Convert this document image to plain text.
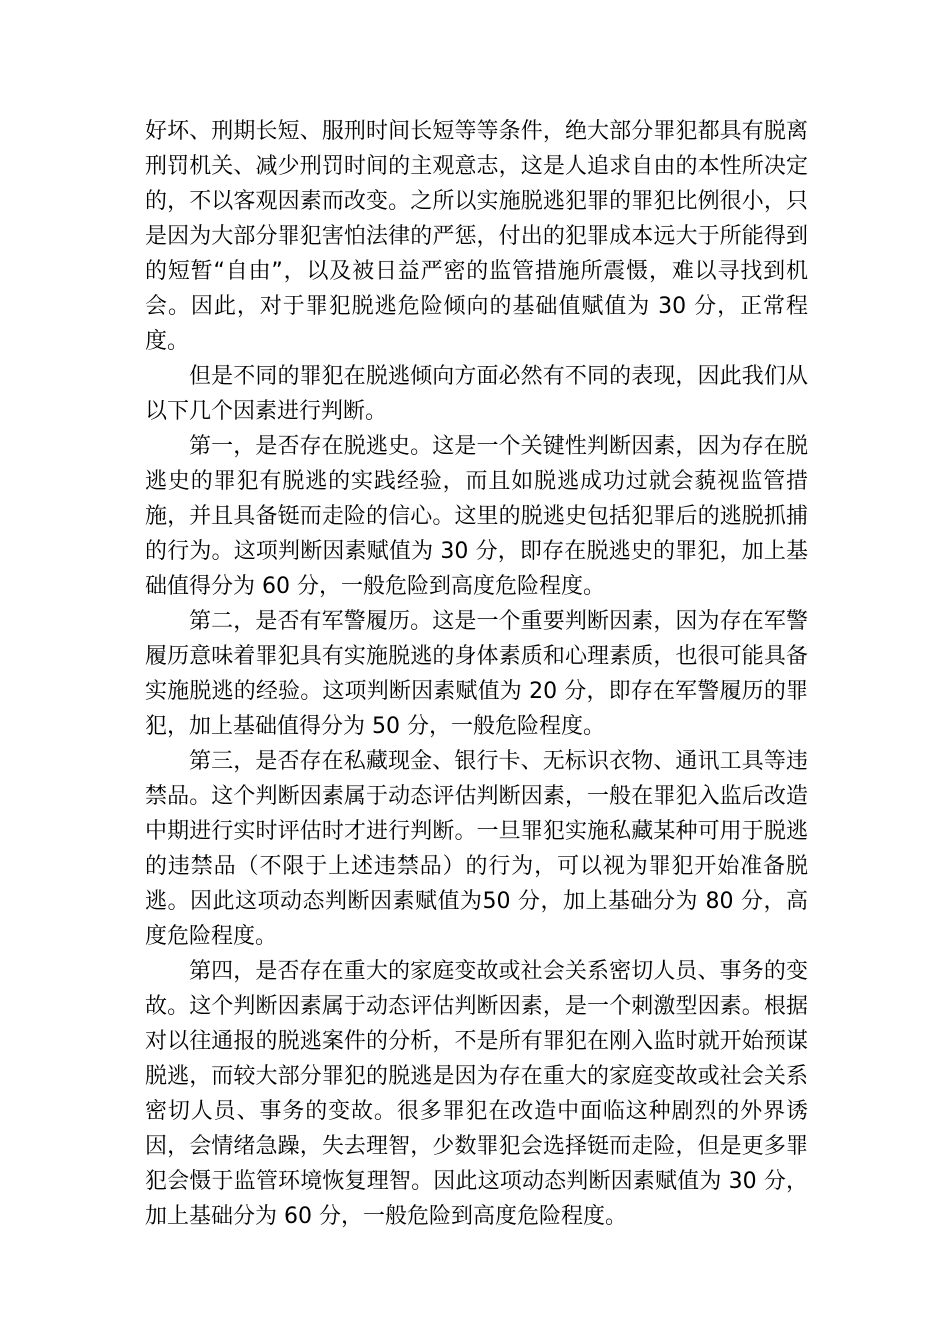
好坏、刑期长短、服刑时间长短等等条件，绝大部分罪犯都具有脱离刑罚机关、减少刑罚时间的主观意志，这是人追求自由的本性所决定的，不以客观因素而改变。之所以实施脱逃犯罪的罪犯比例很小，只是因为大部分罪犯害怕法律的严惩，付出的犯罪成本远大于所能得到的短暂“自由”，以及被日益严密的监管措施所震慑，难以寻找到机会。因此，对于罪犯脱逃危险倾向的基础值赋值为 30 分，正常程度。

但是不同的罪犯在脱逃倾向方面必然有不同的表现，因此我们从以下几个因素进行判断。

第一，是否存在脱逃史。这是一个关键性判断因素，因为存在脱逃史的罪犯有脱逃的实践经验，而且如脱逃成功过就会藐视监管措施，并且具备铤而走险的信心。这里的脱逃史包括犯罪后的逃脱抓捕的行为。这项判断因素赋值为 30 分，即存在脱逃史的罪犯，加上基础值得分为 60 分，一般危险到高度危险程度。

第二，是否有军警履历。这是一个重要判断因素，因为存在军警履历意味着罪犯具有实施脱逃的身体素质和心理素质，也很可能具备实施脱逃的经验。这项判断因素赋值为 20 分，即存在军警履历的罪犯，加上基础值得分为 50 分，一般危险程度。

第三，是否存在私藏现金、银行卡、无标识衣物、通讯工具等违禁品。这个判断因素属于动态评估判断因素，一般在罪犯入监后改造中期进行实时评估时才进行判断。一旦罪犯实施私藏某种可用于脱逃的违禁品（不限于上述违禁品）的行为，可以视为罪犯开始准备脱逃。因此这项动态判断因素赋值为50 分，加上基础分为 80 分，高度危险程度。

第四，是否存在重大的家庭变故或社会关系密切人员、事务的变故。这个判断因素属于动态评估判断因素，是一个刺激型因素。根据对以往通报的脱逃案件的分析，不是所有罪犯在刚入监时就开始预谋脱逃，而较大部分罪犯的脱逃是因为存在重大的家庭变故或社会关系密切人员、事务的变故。很多罪犯在改造中面临这种剧烈的外界诱因，会情绪急躁，失去理智，少数罪犯会选择铤而走险，但是更多罪犯会慑于监管环境恢复理智。因此这项动态判断因素赋值为 30 分，加上基础分为 60 分，一般危险到高度危险程度。
